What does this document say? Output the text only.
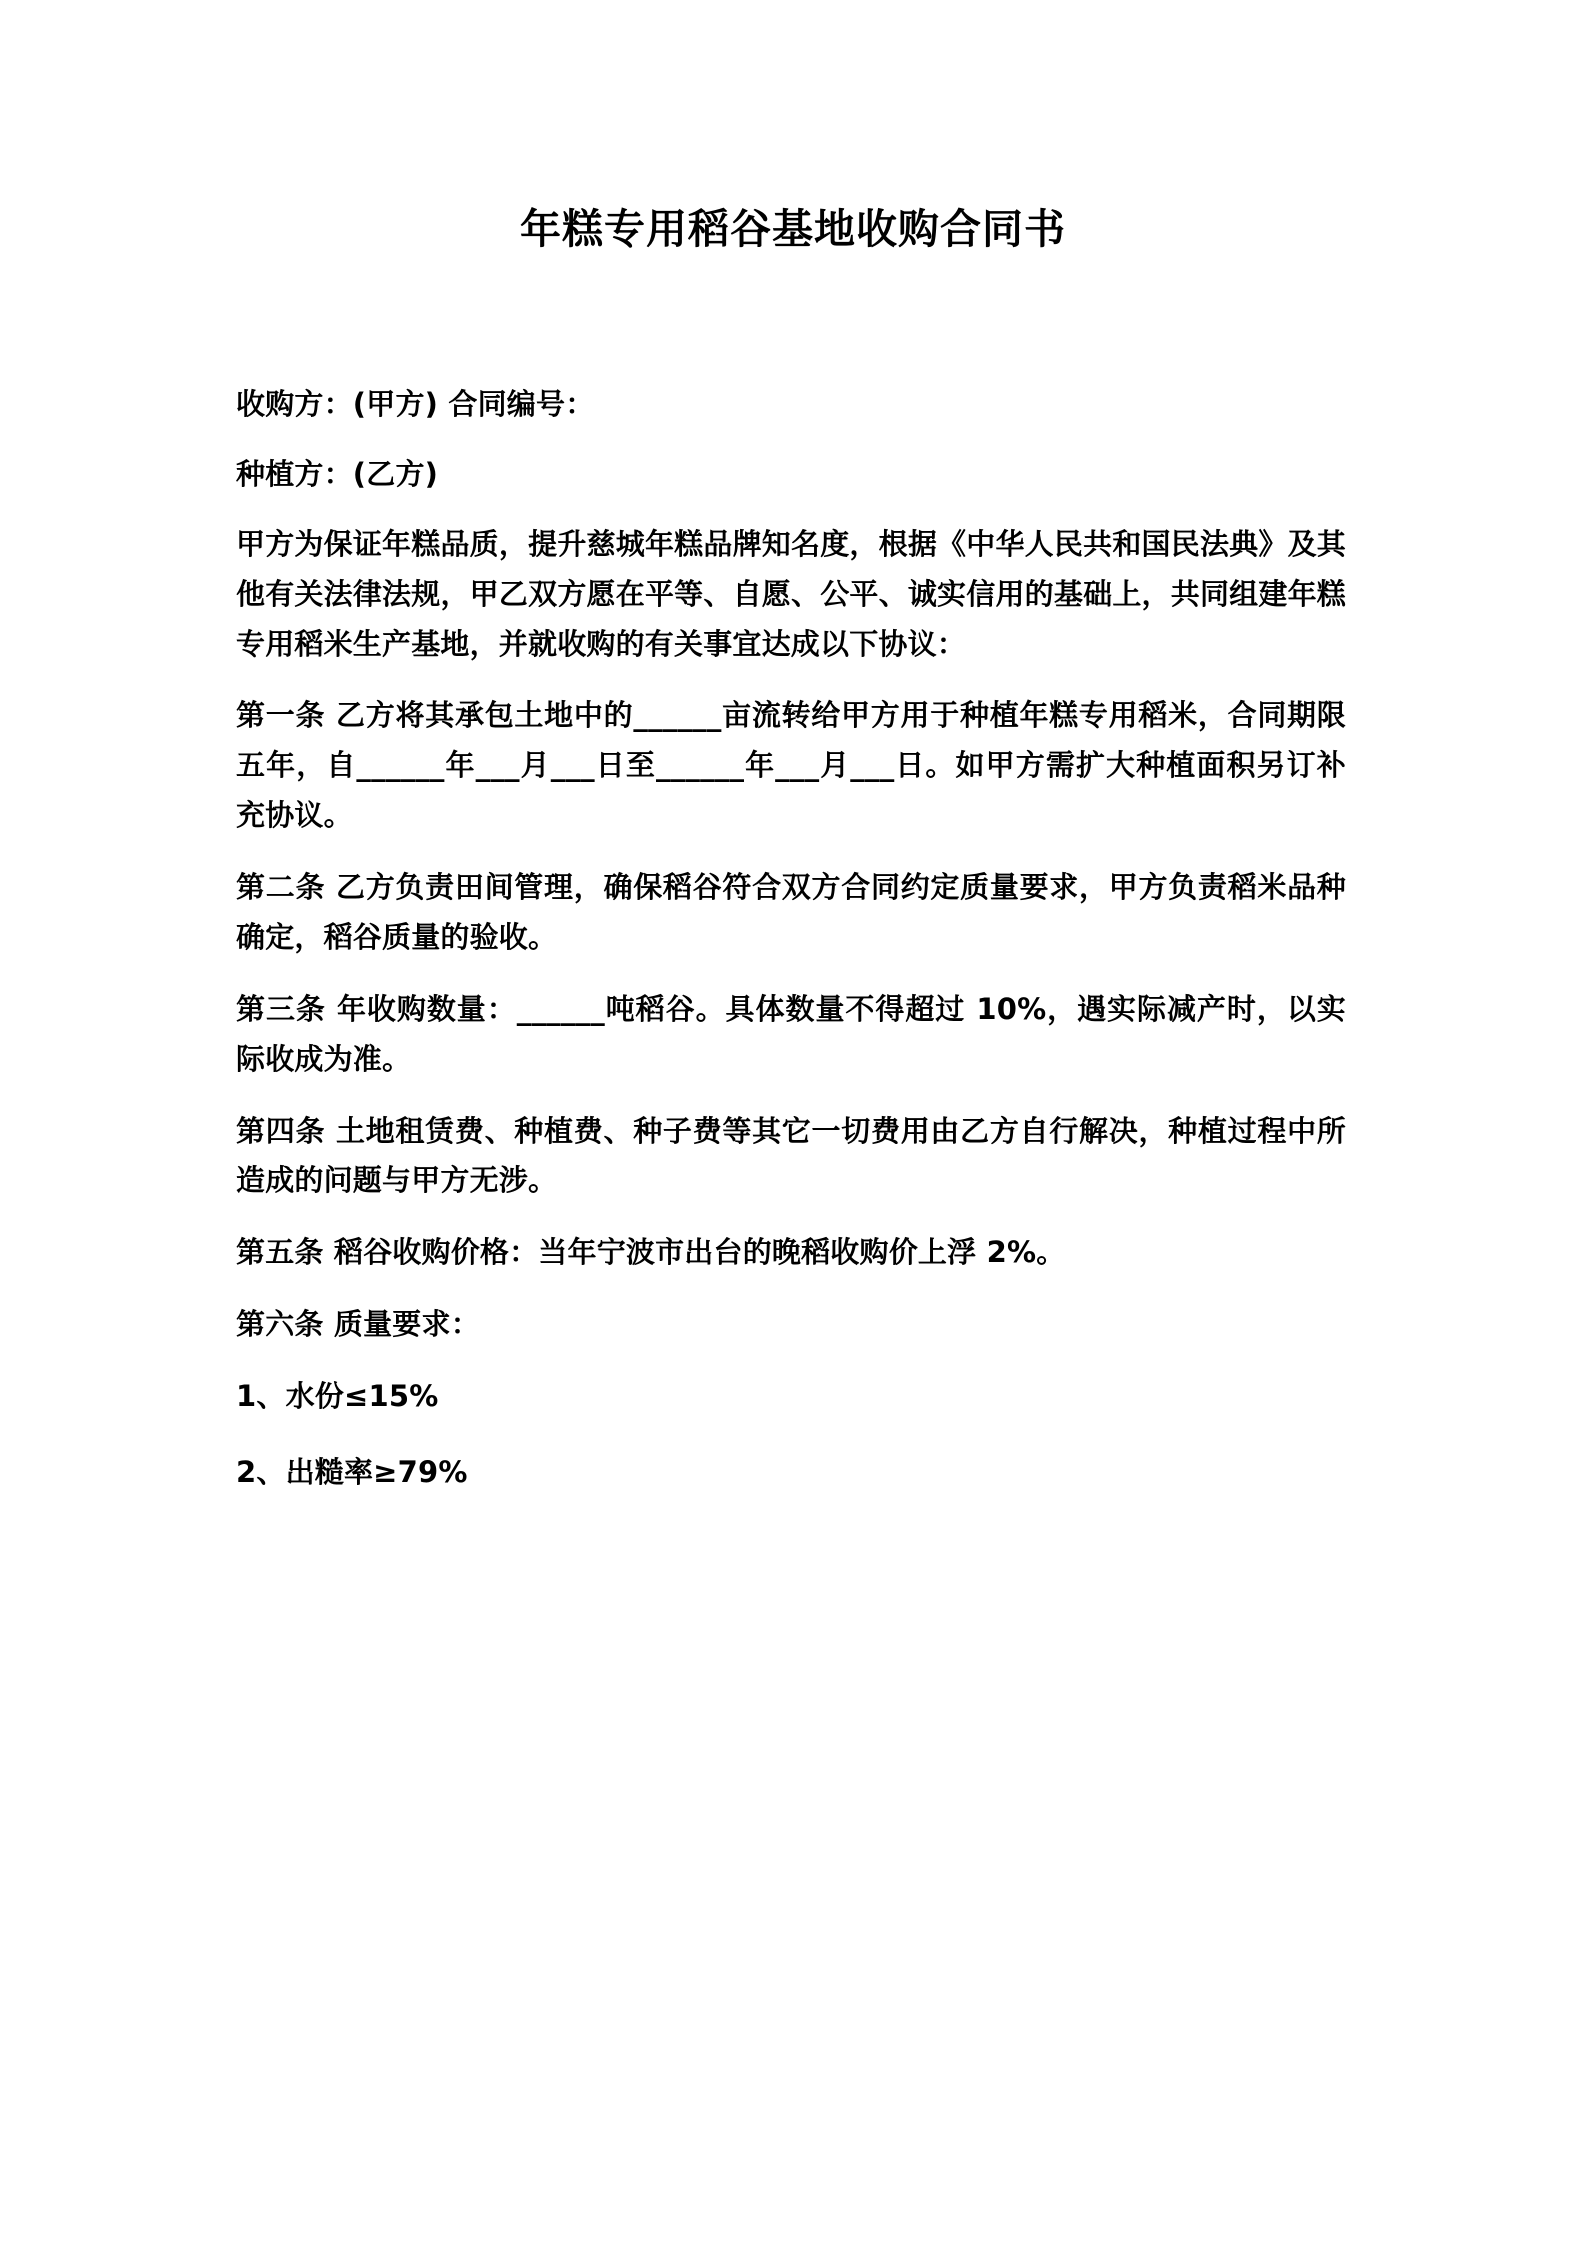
年糕专用稻谷基地收购合同书

收购方：(甲方) 合同编号：

种植方：(乙方)

甲方为保证年糕品质，提升慈城年糕品牌知名度，根据《中华人民共和国民法典》及其他有关法律法规，甲乙双方愿在平等、自愿、公平、诚实信用的基础上，共同组建年糕专用稻米生产基地，并就收购的有关事宜达成以下协议：

第一条 乙方将其承包土地中的______亩流转给甲方用于种植年糕专用稻米，合同期限五年，自______年___月___日至______年___月___日。如甲方需扩大种植面积另订补充协议。

第二条 乙方负责田间管理，确保稻谷符合双方合同约定质量要求，甲方负责稻米品种确定，稻谷质量的验收。

第三条 年收购数量：______吨稻谷。具体数量不得超过 10%，遇实际减产时，以实际收成为准。

第四条 土地租赁费、种植费、种子费等其它一切费用由乙方自行解决，种植过程中所造成的问题与甲方无涉。

第五条 稻谷收购价格：当年宁波市出台的晚稻收购价上浮 2%。

第六条 质量要求：

1、水份≤15%

2、出糙率≥79%
